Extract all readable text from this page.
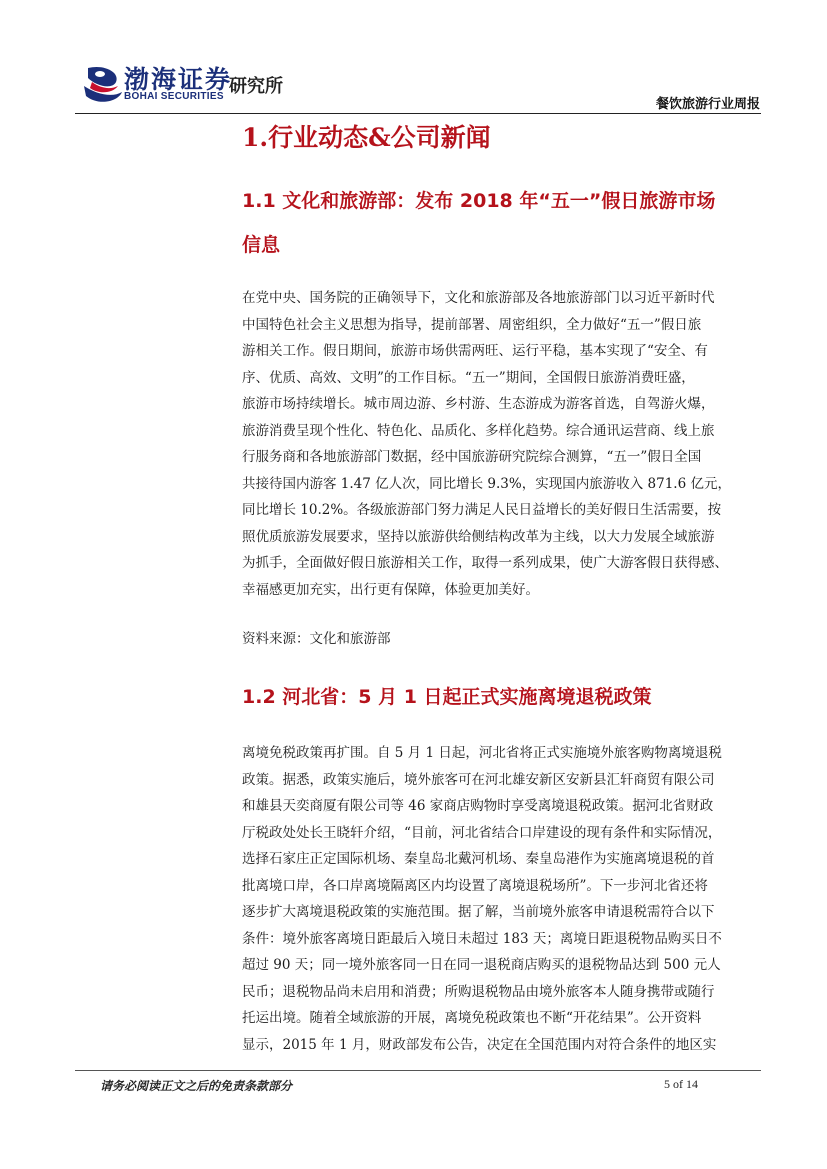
渤海证券
BOHAI SECURITIES 研究所
餐饮旅游行业周报
1.行业动态&公司新闻
1.1 文化和旅游部：发布 2018 年“五一”假日旅游市场
信息
在党中央、国务院的正确领导下，文化和旅游部及各地旅游部门以习近平新时代
中国特色社会主义思想为指导，提前部署、周密组织，全力做好“五一”假日旅
游相关工作。假日期间，旅游市场供需两旺、运行平稳，基本实现了“安全、有
序、优质、高效、文明”的工作目标。“五一”期间，全国假日旅游消费旺盛，
旅游市场持续增长。城市周边游、乡村游、生态游成为游客首选，自驾游火爆，
旅游消费呈现个性化、特色化、品质化、多样化趋势。综合通讯运营商、线上旅
行服务商和各地旅游部门数据，经中国旅游研究院综合测算，“五一”假日全国
共接待国内游客 1.47 亿人次，同比增长 9.3%，实现国内旅游收入 871.6 亿元，
同比增长 10.2%。各级旅游部门努力满足人民日益增长的美好假日生活需要，按
照优质旅游发展要求，坚持以旅游供给侧结构改革为主线，以大力发展全域旅游
为抓手，全面做好假日旅游相关工作，取得一系列成果，使广大游客假日获得感、
幸福感更加充实，出行更有保障，体验更加美好。
资料来源：文化和旅游部
1.2 河北省：5 月 1 日起正式实施离境退税政策
离境免税政策再扩围。自 5 月 1 日起，河北省将正式实施境外旅客购物离境退税
政策。据悉，政策实施后，境外旅客可在河北雄安新区安新县汇轩商贸有限公司
和雄县天奕商厦有限公司等 46 家商店购物时享受离境退税政策。据河北省财政
厅税政处处长王晓轩介绍，“目前，河北省结合口岸建设的现有条件和实际情况，
选择石家庄正定国际机场、秦皇岛北戴河机场、秦皇岛港作为实施离境退税的首
批离境口岸，各口岸离境隔离区内均设置了离境退税场所”。下一步河北省还将
逐步扩大离境退税政策的实施范围。据了解，当前境外旅客申请退税需符合以下
条件：境外旅客离境日距最后入境日未超过 183 天；离境日距退税物品购买日不
超过 90 天；同一境外旅客同一日在同一退税商店购买的退税物品达到 500 元人
民币；退税物品尚未启用和消费；所购退税物品由境外旅客本人随身携带或随行
托运出境。随着全域旅游的开展，离境免税政策也不断“开花结果”。公开资料
显示，2015 年 1 月，财政部发布公告，决定在全国范围内对符合条件的地区实
请务必阅读正文之后的免责条款部分	5 of 14
